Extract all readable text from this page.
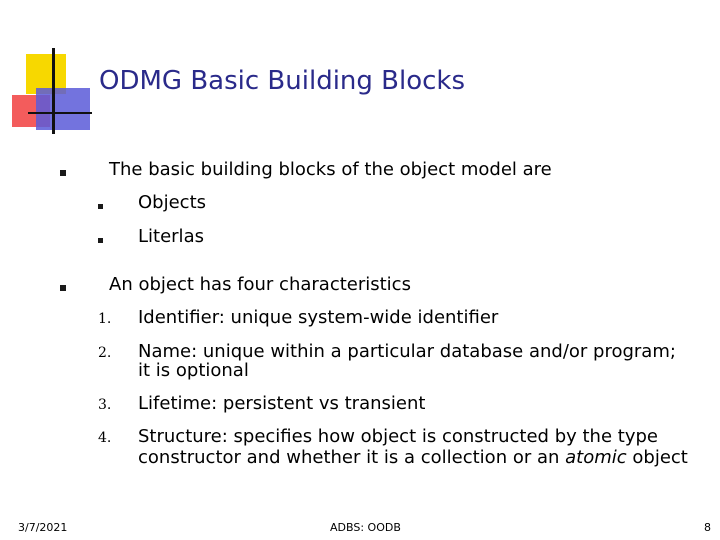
ODMG Basic Building Blocks
The basic building blocks of the object model are
Objects
Literlas
An object has four characteristics
1. Identifier: unique system-wide identifier
2. Name: unique within a particular database and/or program;
it is optional
3. Lifetime: persistent vs transient
4. Structure: specifies how object is constructed by the type
constructor and whether it is a collection or an atomic object
3/7/2021	ADBS: OODB	8
